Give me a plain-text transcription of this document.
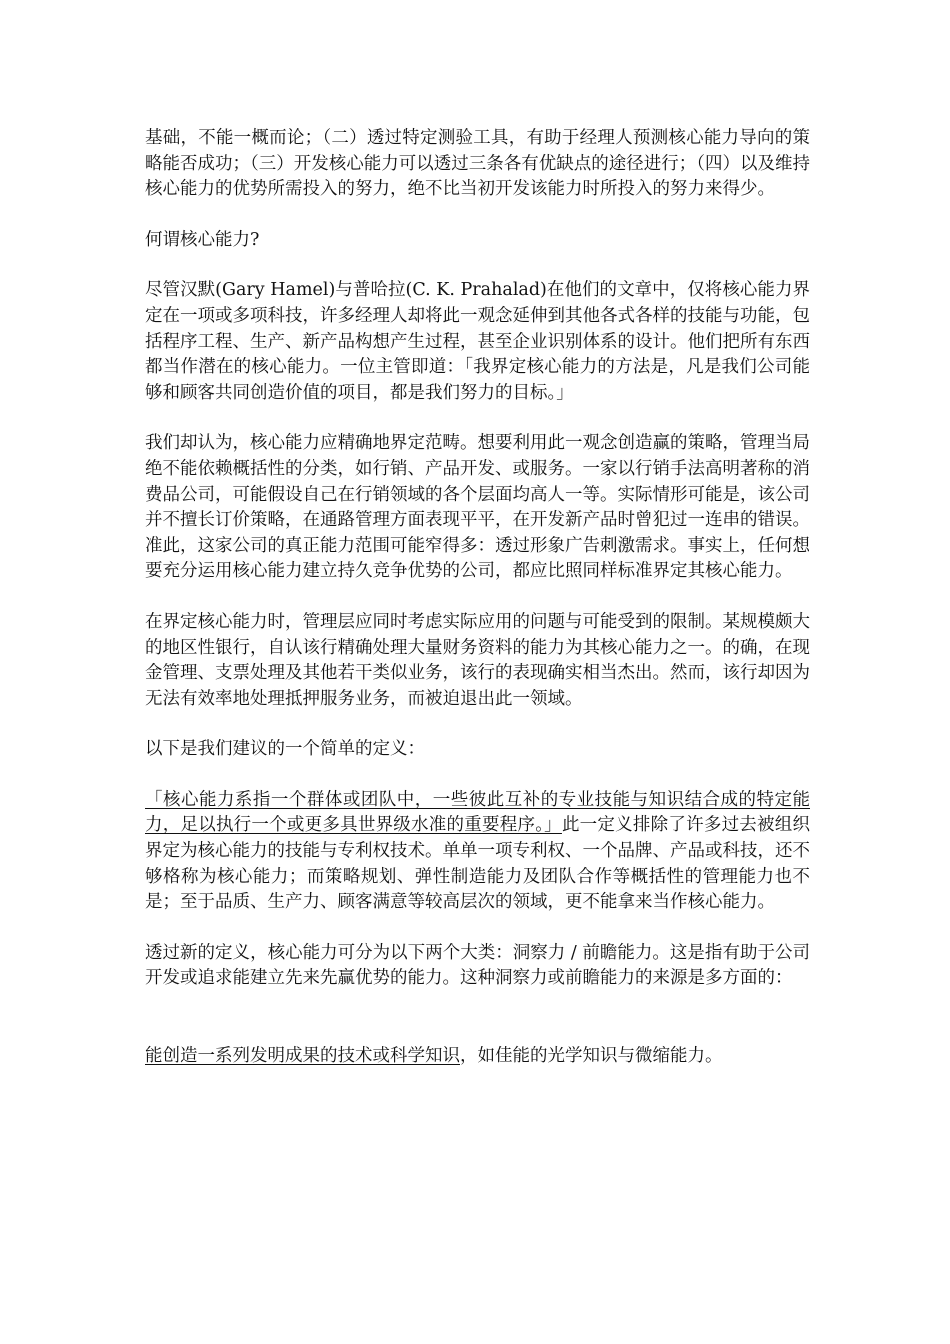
基础，不能一概而论；（二）透过特定测验工具，有助于经理人预测核心能力导向的策略能否成功；（三）开发核心能力可以透过三条各有优缺点的途径进行；（四）以及维持核心能力的优势所需投入的努力，绝不比当初开发该能力时所投入的努力来得少。

何谓核心能力?

尽管汉默(Gary Hamel)与普哈拉(C. K. Prahalad)在他们的文章中，仅将核心能力界定在一项或多项科技，许多经理人却将此一观念延伸到其他各式各样的技能与功能，包括程序工程、生产、新产品构想产生过程，甚至企业识别体系的设计。他们把所有东西都当作潜在的核心能力。一位主管即道：「我界定核心能力的方法是，凡是我们公司能够和顾客共同创造价值的项目，都是我们努力的目标。」

我们却认为，核心能力应精确地界定范畴。想要利用此一观念创造赢的策略，管理当局绝不能依赖概括性的分类，如行销、产品开发、或服务。一家以行销手法高明著称的消费品公司，可能假设自己在行销领域的各个层面均高人一等。实际情形可能是，该公司并不擅长订价策略，在通路管理方面表现平平，在开发新产品时曾犯过一连串的错误。准此，这家公司的真正能力范围可能窄得多：透过形象广告刺激需求。事实上，任何想要充分运用核心能力建立持久竞争优势的公司，都应比照同样标准界定其核心能力。

在界定核心能力时，管理层应同时考虑实际应用的问题与可能受到的限制。某规模颇大的地区性银行，自认该行精确处理大量财务资料的能力为其核心能力之一。的确，在现金管理、支票处理及其他若干类似业务，该行的表现确实相当杰出。然而，该行却因为无法有效率地处理抵押服务业务，而被迫退出此一领域。

以下是我们建议的一个简单的定义：

「核心能力系指一个群体或团队中，一些彼此互补的专业技能与知识结合成的特定能力，足以执行一个或更多具世界级水准的重要程序。」此一定义排除了许多过去被组织界定为核心能力的技能与专利权技术。单单一项专利权、一个品牌、产品或科技，还不够格称为核心能力；而策略规划、弹性制造能力及团队合作等概括性的管理能力也不是；至于品质、生产力、顾客满意等较高层次的领域，更不能拿来当作核心能力。

透过新的定义，核心能力可分为以下两个大类：洞察力 / 前瞻能力。这是指有助于公司开发或追求能建立先来先赢优势的能力。这种洞察力或前瞻能力的来源是多方面的：

能创造一系列发明成果的技术或科学知识，如佳能的光学知识与微缩能力。
